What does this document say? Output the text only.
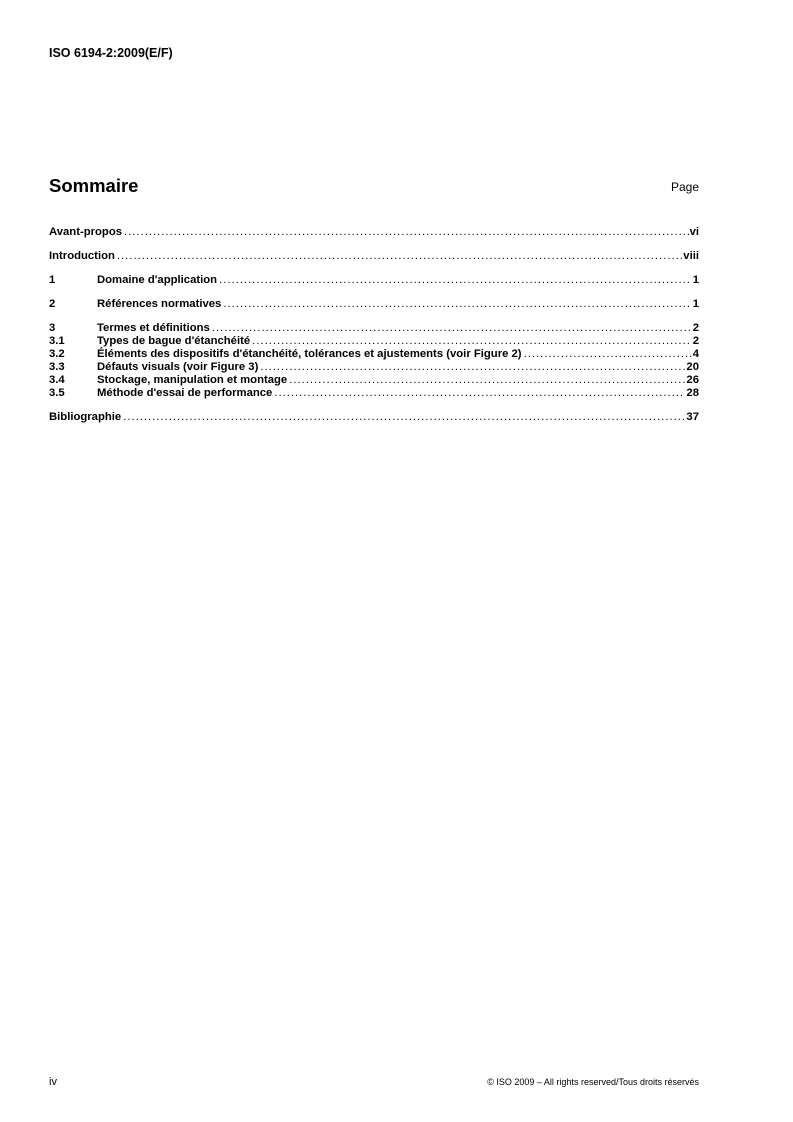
ISO 6194-2:2009(E/F)
Sommaire	Page
Avant-propos .....	vi
Introduction .....	viii
1	Domaine d'application .....	1
2	Références normatives .....	1
3	Termes et définitions .....	2
3.1	Types de bague d'étanchéité .....	2
3.2	Éléments des dispositifs d'étanchéité, tolérances et ajustements (voir Figure 2) .....	4
3.3	Défauts visuals (voir Figure 3) .....	20
3.4	Stockage, manipulation et montage .....	26
3.5	Méthode d'essai de performance .....	28
Bibliographie .....	37
iv	© ISO 2009 – All rights reserved/Tous droits réservés
